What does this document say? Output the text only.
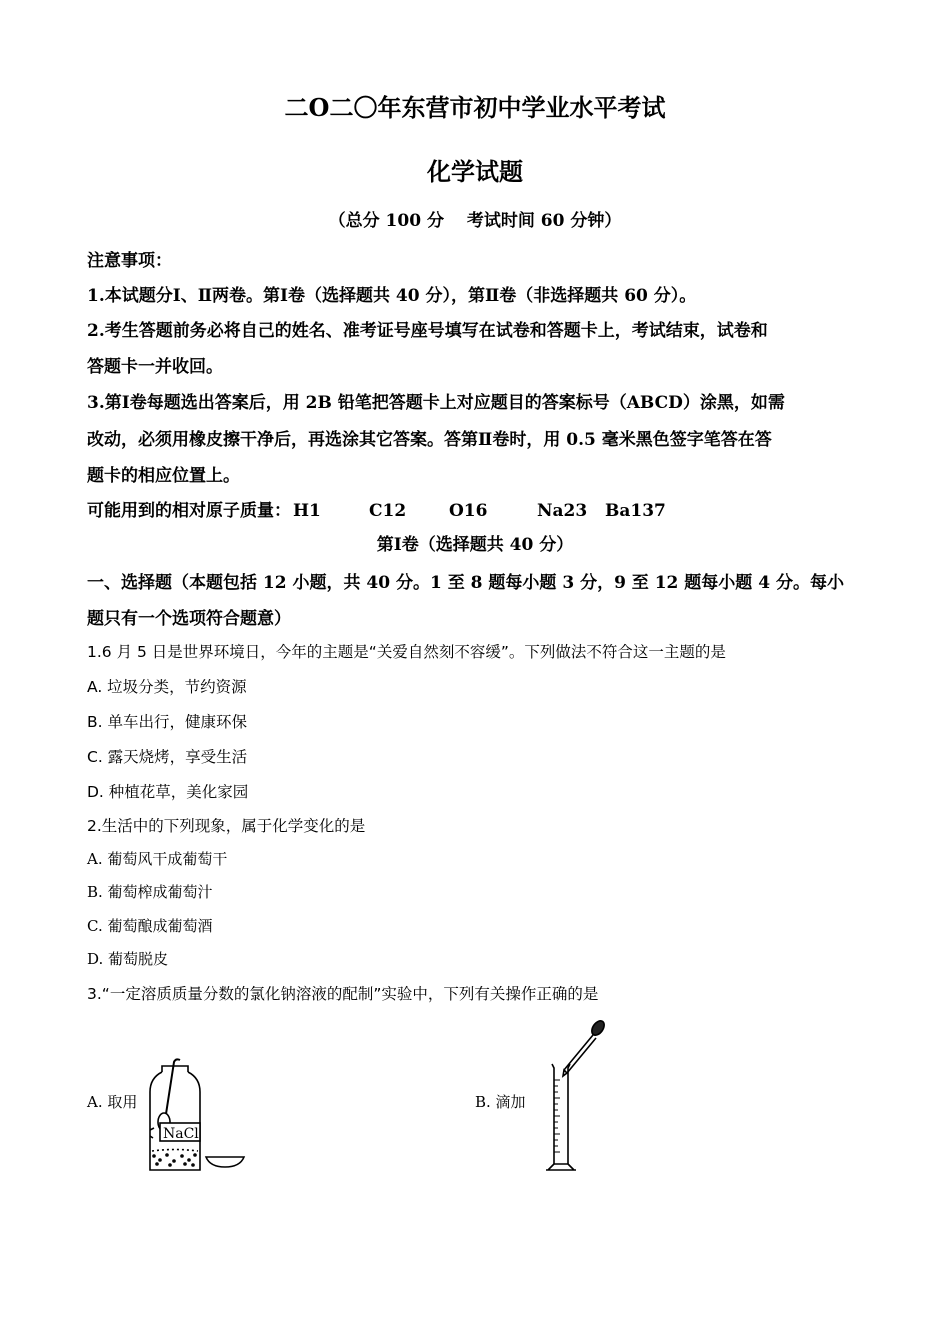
二O二〇年东营市初中学业水平考试
化学试题
（总分 100 分　 考试时间 60 分钟）
注意事项：
1.本试题分Ⅰ、Ⅱ两卷。第Ⅰ卷（选择题共 40 分），第Ⅱ卷（非选择题共 60 分）。
2.考生答题前务必将自己的姓名、准考证号座号填写在试卷和答题卡上，考试结束，试卷和
答题卡一并收回。
3.第Ⅰ卷每题选出答案后，用 2B 铅笔把答题卡上对应题目的答案标号（ABCD）涂黑，如需
改动，必须用橡皮擦干净后，再选涂其它答案。答第Ⅱ卷时，用 0.5 毫米黑色签字笔答在答
题卡的相应位置上。
可能用到的相对原子质量： H1	C12	O16	Na23 Ba137
第Ⅰ卷（选择题共 40 分）
一、选择题（本题包括 12 小题，共 40 分。1 至 8 题每小题 3 分，9 至 12 题每小题 4 分。每小
题只有一个选项符合题意）
1.6 月 5 日是世界环境日，今年的主题是“关爱自然刻不容缓”。下列做法不符合这一主题的是
A. 垃圾分类，节约资源
B. 单车出行，健康环保
C. 露天烧烤，享受生活
D. 种植花草，美化家园
2.生活中的下列现象，属于化学变化的是
A. 葡萄风干成葡萄干
B. 葡萄榨成葡萄汁
C. 葡萄酿成葡萄酒
D. 葡萄脱皮
3.“一定溶质质量分数的氯化钠溶液的配制”实验中，下列有关操作正确的是
A. 取用	B. 滴加
NaCl
